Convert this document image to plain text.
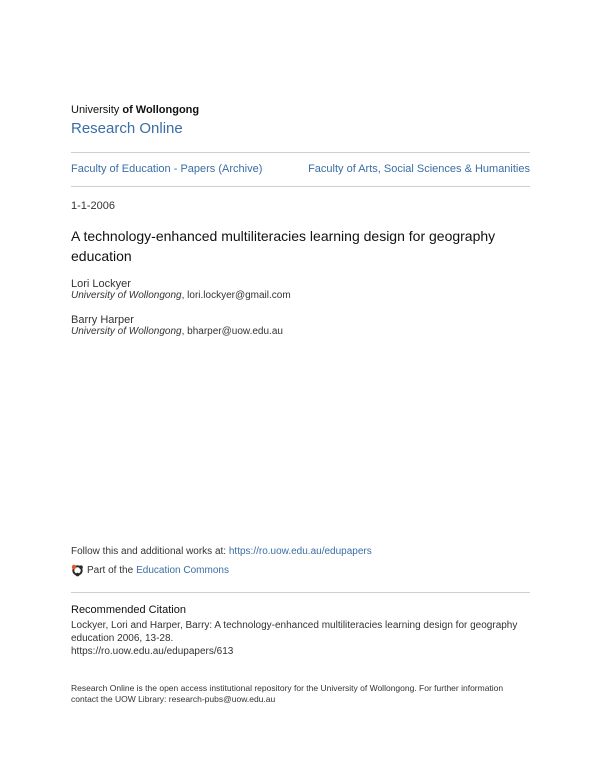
University of Wollongong
Research Online
Faculty of Education - Papers (Archive)	Faculty of Arts, Social Sciences & Humanities
1-1-2006
A technology-enhanced multiliteracies learning design for geography education
Lori Lockyer
University of Wollongong, lori.lockyer@gmail.com
Barry Harper
University of Wollongong, bharper@uow.edu.au
Follow this and additional works at: https://ro.uow.edu.au/edupapers
Part of the Education Commons
Recommended Citation
Lockyer, Lori and Harper, Barry: A technology-enhanced multiliteracies learning design for geography education 2006, 13-28.
https://ro.uow.edu.au/edupapers/613
Research Online is the open access institutional repository for the University of Wollongong. For further information
contact the UOW Library: research-pubs@uow.edu.au
